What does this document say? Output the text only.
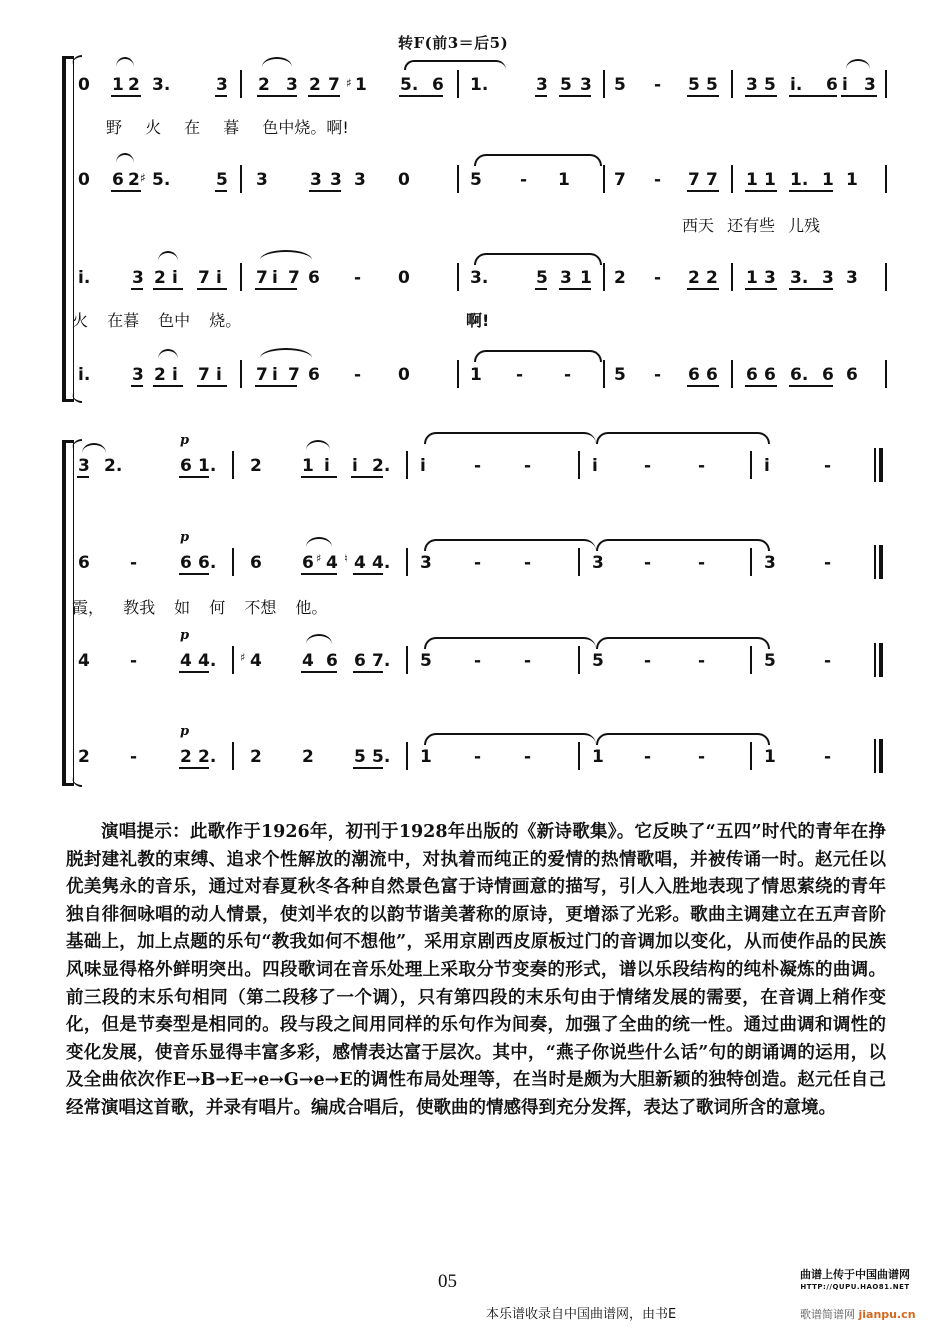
转F(前3＝后5)
0 1 2 3.	3 2 3 2 7 ♯ 1 5. 6 1.	3 5 3 5 - 5 5 3 5 i. 6 i 3
野 火 在 暮 色中烧。啊!
0 6 2 ♯ 5.	5 3 3 3 3 0	5 - 1	7 - 7 7 1 1 1. 1 1
西天 还有些 儿残
i. 3 2 i 7 i 7 i 7 6 - 0	3.	5 3 1 2 - 2 2 1 3 3. 3 3
火 在暮 色中 烧。	啊!
i. 3 2 i 7 i 7 i 7 6 - 0	1 - -	5 - 6 6 6 6 6. 6 6
3 2.
p
6 1. 2 1 i i 2. i	-	-	i	-	-	i	-
6 -
p
6 6. 6 6 ♯ 4 ♮ 4 4. 3 -	-	3 -	-	3	-
霞， 教我 如 何 不想 他。
4 -
p
4 4. ♯ 4 4 6 6 7. 5 -	-	5 -	-	5	-
2 -
p
2 2. 2 2 5 5. 1 -	-	1 -	-	1	-

演唱提示：此歌作于1926年，初刊于1928年出版的《新诗歌集》。它反映了“五四”时代的青年在挣脱封建礼教的束缚、追求个性解放的潮流中，对执着而纯正的爱情的热情歌唱，并被传诵一时。赵元任以优美隽永的音乐，通过对春夏秋冬各种自然景色富于诗情画意的描写，引人入胜地表现了情思萦绕的青年独自徘徊咏唱的动人情景，使刘半农的以韵节谐美著称的原诗，更增添了光彩。歌曲主调建立在五声音阶基础上，加上点题的乐句“教我如何不想他”，采用京剧西皮原板过门的音调加以变化，从而使作品的民族风味显得格外鲜明突出。四段歌词在音乐处理上采取分节变奏的形式，谱以乐段结构的纯朴凝炼的曲调。前三段的末乐句相同（第二段移了一个调），只有第四段的末乐句由于情绪发展的需要，在音调上稍作变化，但是节奏型是相同的。段与段之间用同样的乐句作为间奏，加强了全曲的统一性。通过曲调和调性的变化发展，使音乐显得丰富多彩，感情表达富于层次。其中，“燕子你说些什么话”句的朗诵调的运用，以及全曲依次作E→B→E→e→G→e→E的调性布局处理等，在当时是颇为大胆新颖的独特创造。赵元任自己经常演唱这首歌，并录有唱片。编成合唱后，使歌曲的情感得到充分发挥，表达了歌词所含的意境。

05	曲谱上传于中国曲谱网
HTTP://QUPU.HAO81.NET
本乐谱收录自中国曲谱网，由书E	歌谱简谱网 jianpu.cn
